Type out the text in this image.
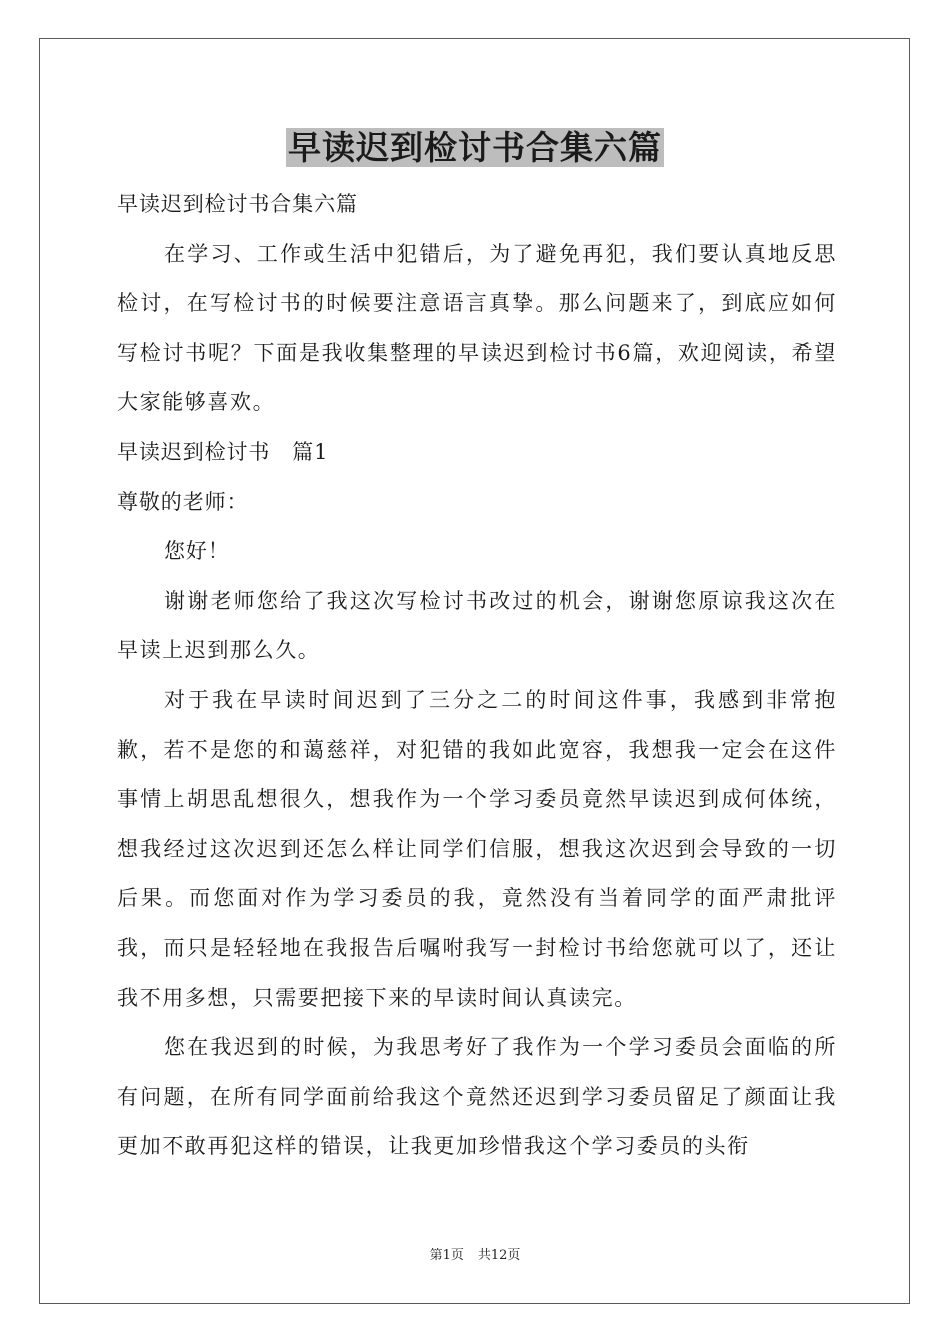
早读迟到检讨书合集六篇
早读迟到检讨书合集六篇

在学习、工作或生活中犯错后，为了避免再犯，我们要认真地反思检讨，在写检讨书的时候要注意语言真挚。那么问题来了，到底应如何写检讨书呢？下面是我收集整理的早读迟到检讨书6篇，欢迎阅读，希望大家能够喜欢。

早读迟到检讨书　篇1
尊敬的老师：
您好！

谢谢老师您给了我这次写检讨书改过的机会，谢谢您原谅我这次在早读上迟到那么久。

对于我在早读时间迟到了三分之二的时间这件事，我感到非常抱歉，若不是您的和蔼慈祥，对犯错的我如此宽容，我想我一定会在这件事情上胡思乱想很久，想我作为一个学习委员竟然早读迟到成何体统，想我经过这次迟到还怎么样让同学们信服，想我这次迟到会导致的一切后果。而您面对作为学习委员的我，竟然没有当着同学的面严肃批评我，而只是轻轻地在我报告后嘱咐我写一封检讨书给您就可以了，还让我不用多想，只需要把接下来的早读时间认真读完。

您在我迟到的时候，为我思考好了我作为一个学习委员会面临的所有问题，在所有同学面前给我这个竟然还迟到学习委员留足了颜面让我更加不敢再犯这样的错误，让我更加珍惜我这个学习委员的头衔

第1页 共12页
